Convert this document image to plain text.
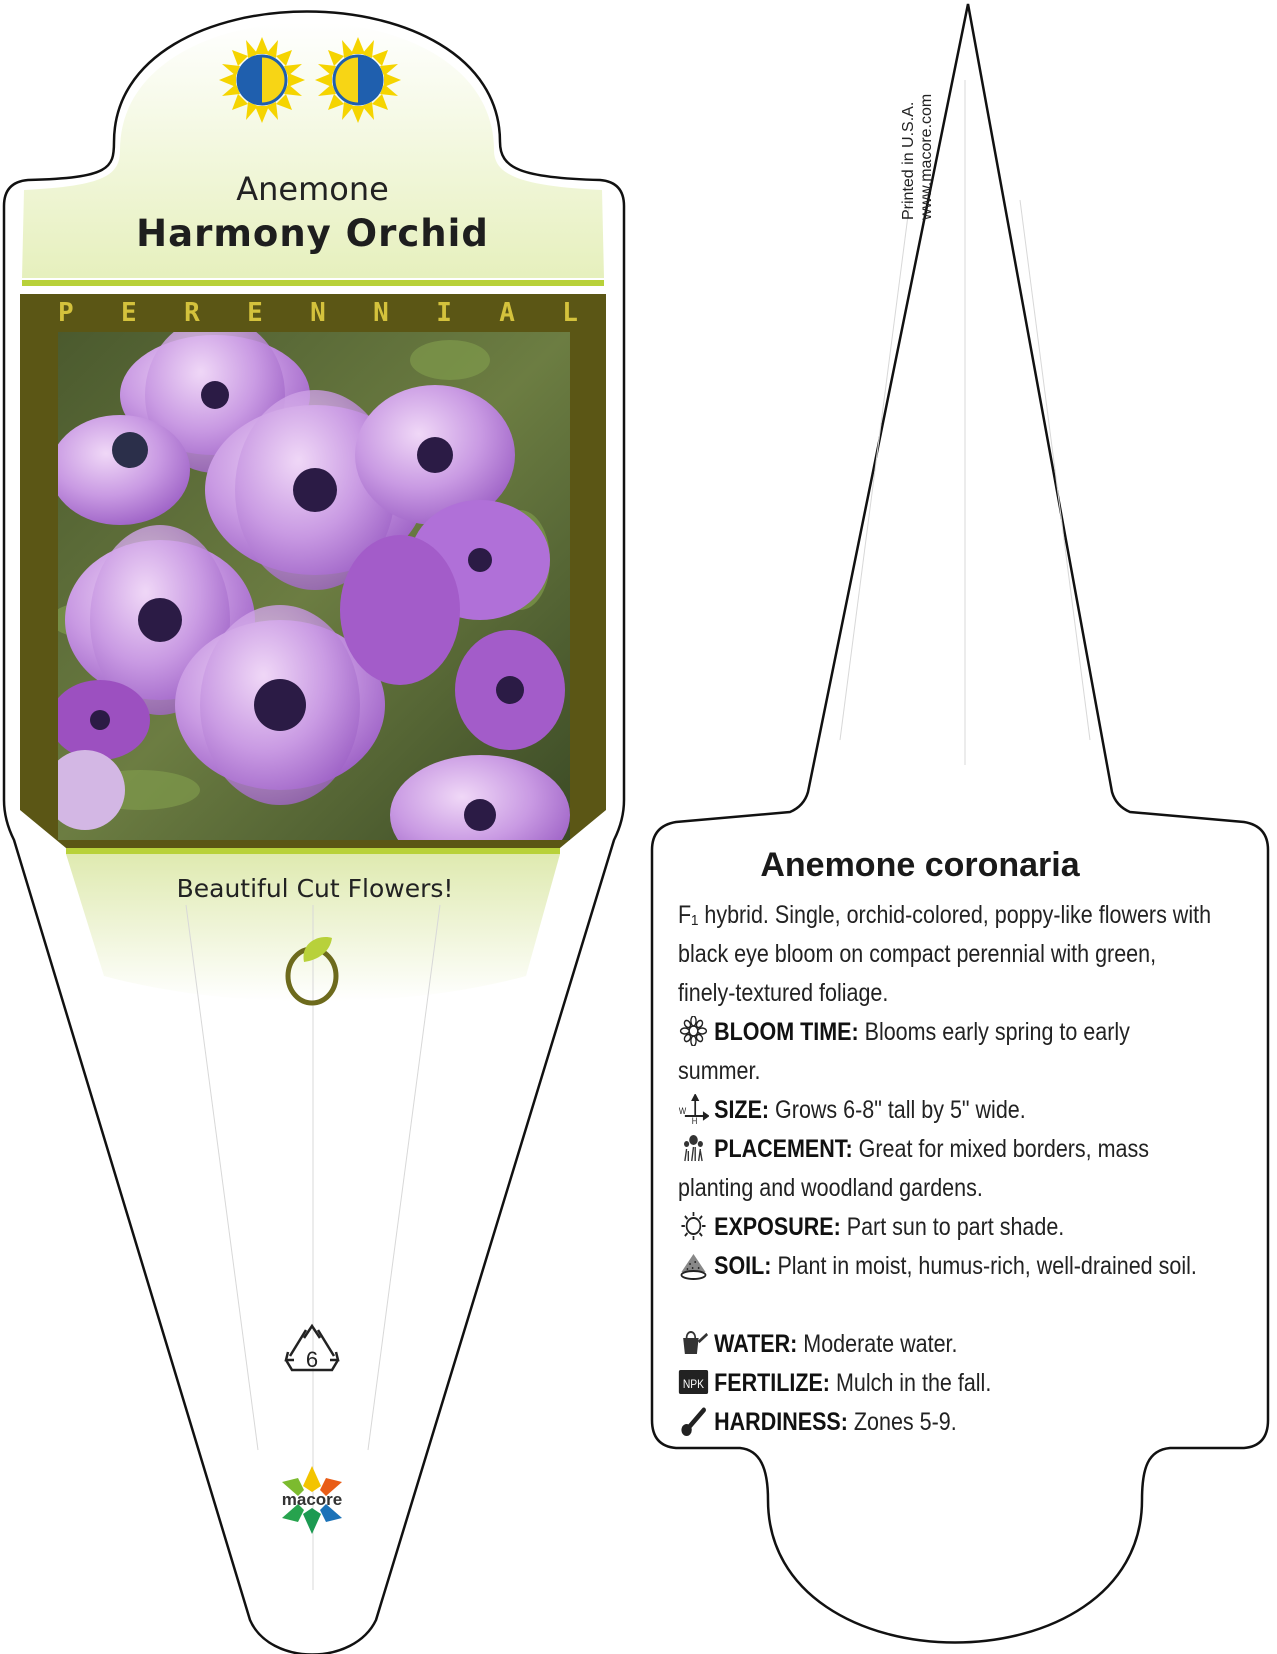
Anemone
Harmony Orchid
P E R E N N I A L
Beautiful Cut Flowers!
6
macore
Printed in U.S.A. www.macore.com
Anemone coronaria
F₁ hybrid. Single, orchid-colored, poppy-like flowers with black eye bloom on compact perennial with green, finely-textured foliage.
BLOOM TIME: Blooms early spring to early summer.
W
H SIZE: Grows 6-8" tall by 5" wide.
PLACEMENT: Great for mixed borders, mass planting and woodland gardens.
EXPOSURE: Part sun to part shade.
SOIL: Plant in moist, humus-rich, well-drained soil.
WATER: Moderate water.
NPK FERTILIZE: Mulch in the fall.
HARDINESS: Zones 5-9.
